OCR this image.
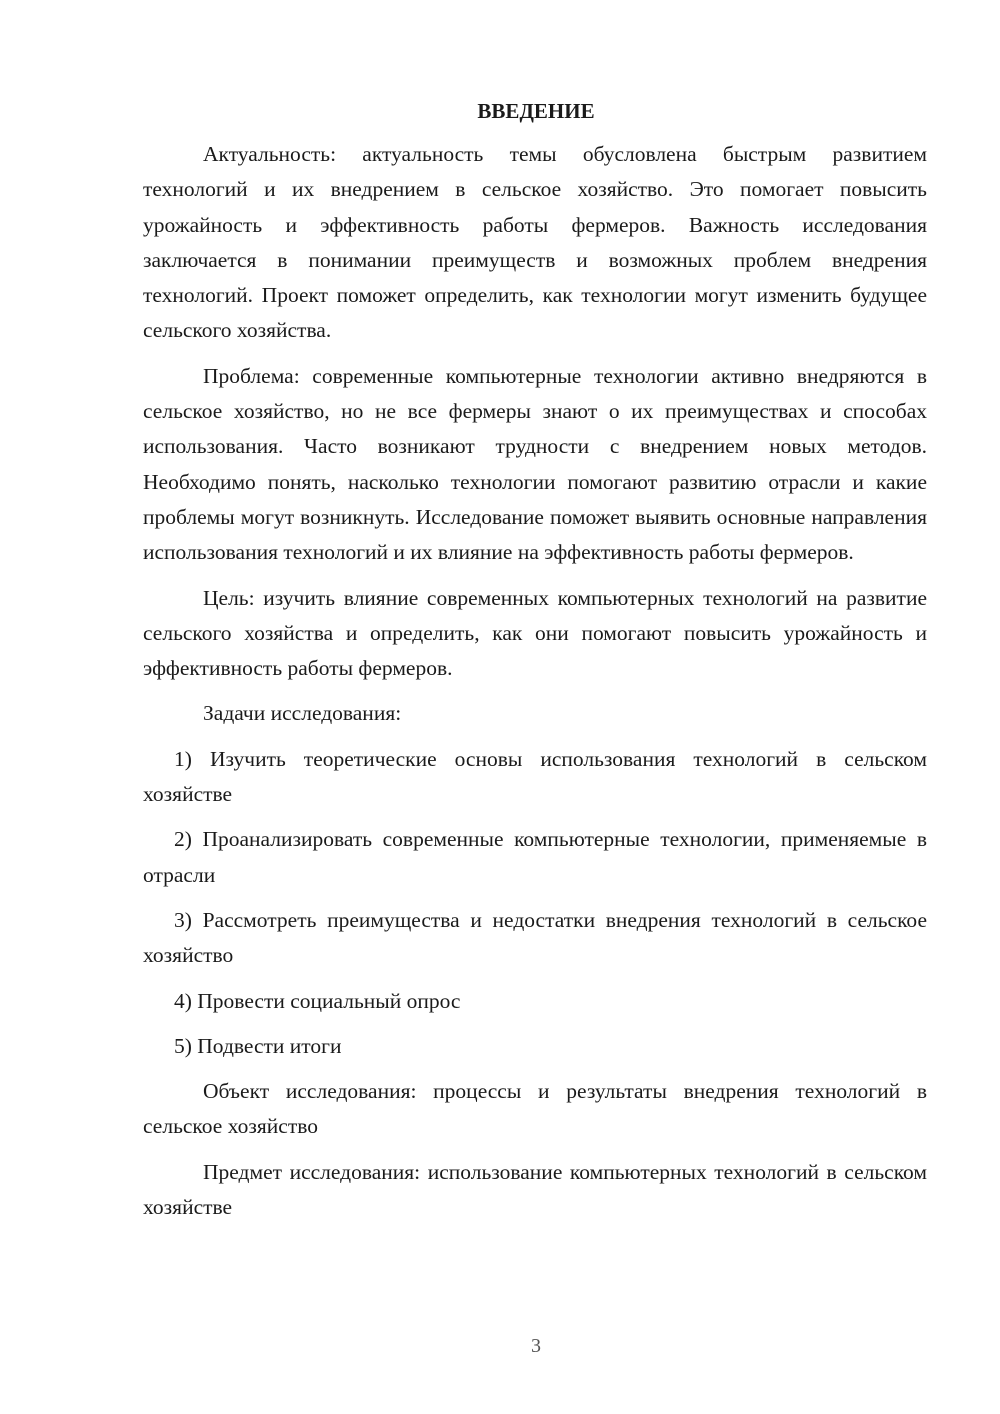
ВВЕДЕНИЕ

Актуальность: актуальность темы обусловлена быстрым развитием технологий и их внедрением в сельское хозяйство. Это помогает повысить урожайность и эффективность работы фермеров. Важность исследования заключается в понимании преимуществ и возможных проблем внедрения технологий. Проект поможет определить, как технологии могут изменить будущее сельского хозяйства.

Проблема: современные компьютерные технологии активно внедряются в сельское хозяйство, но не все фермеры знают о их преимуществах и способах использования. Часто возникают трудности с внедрением новых методов. Необходимо понять, насколько технологии помогают развитию отрасли и какие проблемы могут возникнуть. Исследование поможет выявить основные направления использования технологий и их влияние на эффективность работы фермеров.

Цель: изучить влияние современных компьютерных технологий на развитие сельского хозяйства и определить, как они помогают повысить урожайность и эффективность работы фермеров.

Задачи исследования:

1) Изучить теоретические основы использования технологий в сельском хозяйстве

2) Проанализировать современные компьютерные технологии, применяемые в отрасли

3) Рассмотреть преимущества и недостатки внедрения технологий в сельское хозяйство

4) Провести социальный опрос

5) Подвести итоги

Объект исследования: процессы и результаты внедрения технологий в сельское хозяйство

Предмет исследования: использование компьютерных технологий в сельском хозяйстве

3
